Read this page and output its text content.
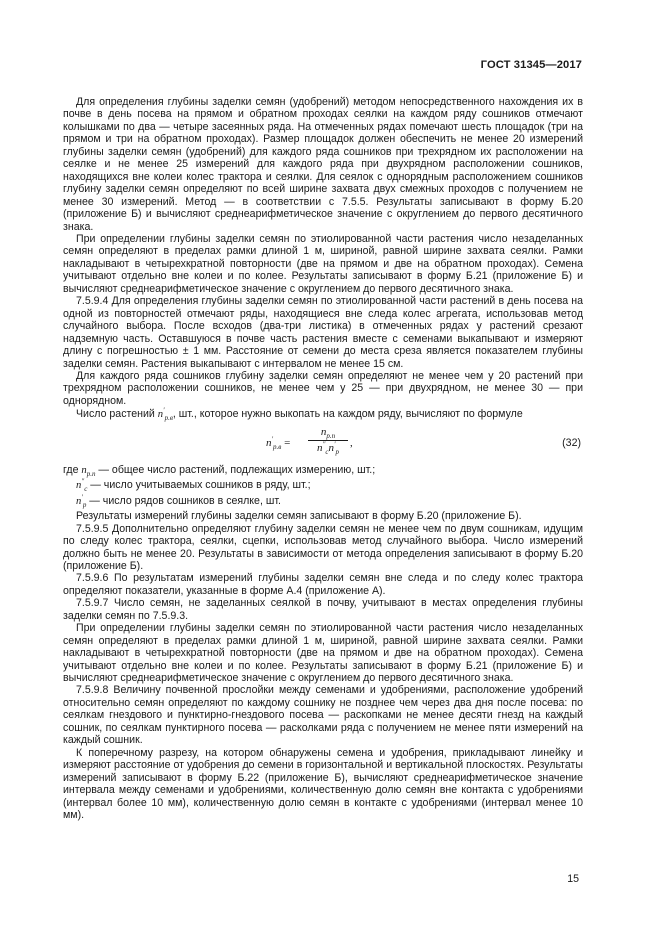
ГОСТ 31345—2017

Для определения глубины заделки семян (удобрений) методом непосредственного нахождения их в почве в день посева на прямом и обратном проходах сеялки на каждом ряду сошников отмечают колышками по два — четыре засеянных ряда. На отмеченных рядах помечают шесть площадок (три на прямом и три на обратном проходах). Размер площадок должен обеспечить не менее 20 измерений глубины заделки семян (удобрений) для каждого ряда сошников при трехрядном их расположении на сеялке и не менее 25 измерений для каждого ряда при двухрядном расположении сошников, находящихся вне колеи колес трактора и сеялки. Для сеялок с однорядным расположением сошников глубину заделки семян определяют по всей ширине захвата двух смежных проходов с получением не менее 30 измерений. Метод — в соответствии с 7.5.5. Результаты записывают в форму Б.20 (приложение Б) и вычисляют среднеарифметическое значение с округлением до первого десятичного знака.

При определении глубины заделки семян по этиолированной части растения число незаделанных семян определяют в пределах рамки длиной 1 м, шириной, равной ширине захвата сеялки. Рамки накладывают в четырехкратной повторности (две на прямом и две на обратном проходах). Семена учитывают отдельно вне колеи и по колее. Результаты записывают в форму Б.21 (приложение Б) и вычисляют среднеарифметическое значение с округлением до первого десятичного знака.

7.5.9.4 Для определения глубины заделки семян по этиолированной части растений в день посева на одной из повторностей отмечают ряды, находящиеся вне следа колес агрегата, использовав метод случайного выбора. После всходов (два-три листика) в отмеченных рядах у растений срезают надземную часть. Оставшуюся в почве часть растения вместе с семенами выкапывают и измеряют длину с погрешностью ± 1 мм. Расстояние от семени до места среза является показателем глубины заделки семян. Растения выкапывают с интервалом не менее 15 см.

Для каждого ряда сошников глубину заделки семян определяют не менее чем у 20 растений при трехрядном расположении сошников, не менее чем у 25 — при двухрядном, не менее 30 — при однорядном.

Число растений $n'_{р.в}$, шт., которое нужно выкопать на каждом ряду, вычисляют по формуле

$n'_{р.в}$ =
$n_{р.п}$
$n''_сn'_р$
,	(32)

где $n_{р.п}$ — общее число растений, подлежащих измерению, шт.;

$n''_с$ — число учитываемых сошников в ряду, шт.;

$n'_р$ — число рядов сошников в сеялке, шт.

Результаты измерений глубины заделки семян записывают в форму Б.20 (приложение Б).

7.5.9.5 Дополнительно определяют глубину заделки семян не менее чем по двум сошникам, идущим по следу колес трактора, сеялки, сцепки, использовав метод случайного выбора. Число измерений должно быть не менее 20. Результаты в зависимости от метода определения записывают в форму Б.20 (приложение Б).

7.5.9.6 По результатам измерений глубины заделки семян вне следа и по следу колес трактора определяют показатели, указанные в форме А.4 (приложение А).

7.5.9.7 Число семян, не заделанных сеялкой в почву, учитывают в местах определения глубины заделки семян по 7.5.9.3.

При определении глубины заделки семян по этиолированной части растения число незаделанных семян определяют в пределах рамки длиной 1 м, шириной, равной ширине захвата сеялки. Рамки накладывают в четырехкратной повторности (две на прямом и две на обратном проходах). Семена учитывают отдельно вне колеи и по колее. Результаты записывают в форму Б.21 (приложение Б) и вычисляют среднеарифметическое значение с округлением до первого десятичного знака.

7.5.9.8 Величину почвенной прослойки между семенами и удобрениями, расположение удобрений относительно семян определяют по каждому сошнику не позднее чем через два дня после посева: по сеялкам гнездового и пунктирно-гнездового посева — раскопками не менее десяти гнезд на каждый сошник, по сеялкам пунктирного посева — расколками ряда с получением не менее пяти измерений на каждый сошник.

К поперечному разрезу, на котором обнаружены семена и удобрения, прикладывают линейку и измеряют расстояние от удобрения до семени в горизонтальной и вертикальной плоскостях. Результаты измерений записывают в форму Б.22 (приложение Б), вычисляют среднеарифметическое значение интервала между семенами и удобрениями, количественную долю семян вне контакта с удобрениями (интервал более 10 мм), количественную долю семян в контакте с удобрениями (интервал менее 10 мм).

15
